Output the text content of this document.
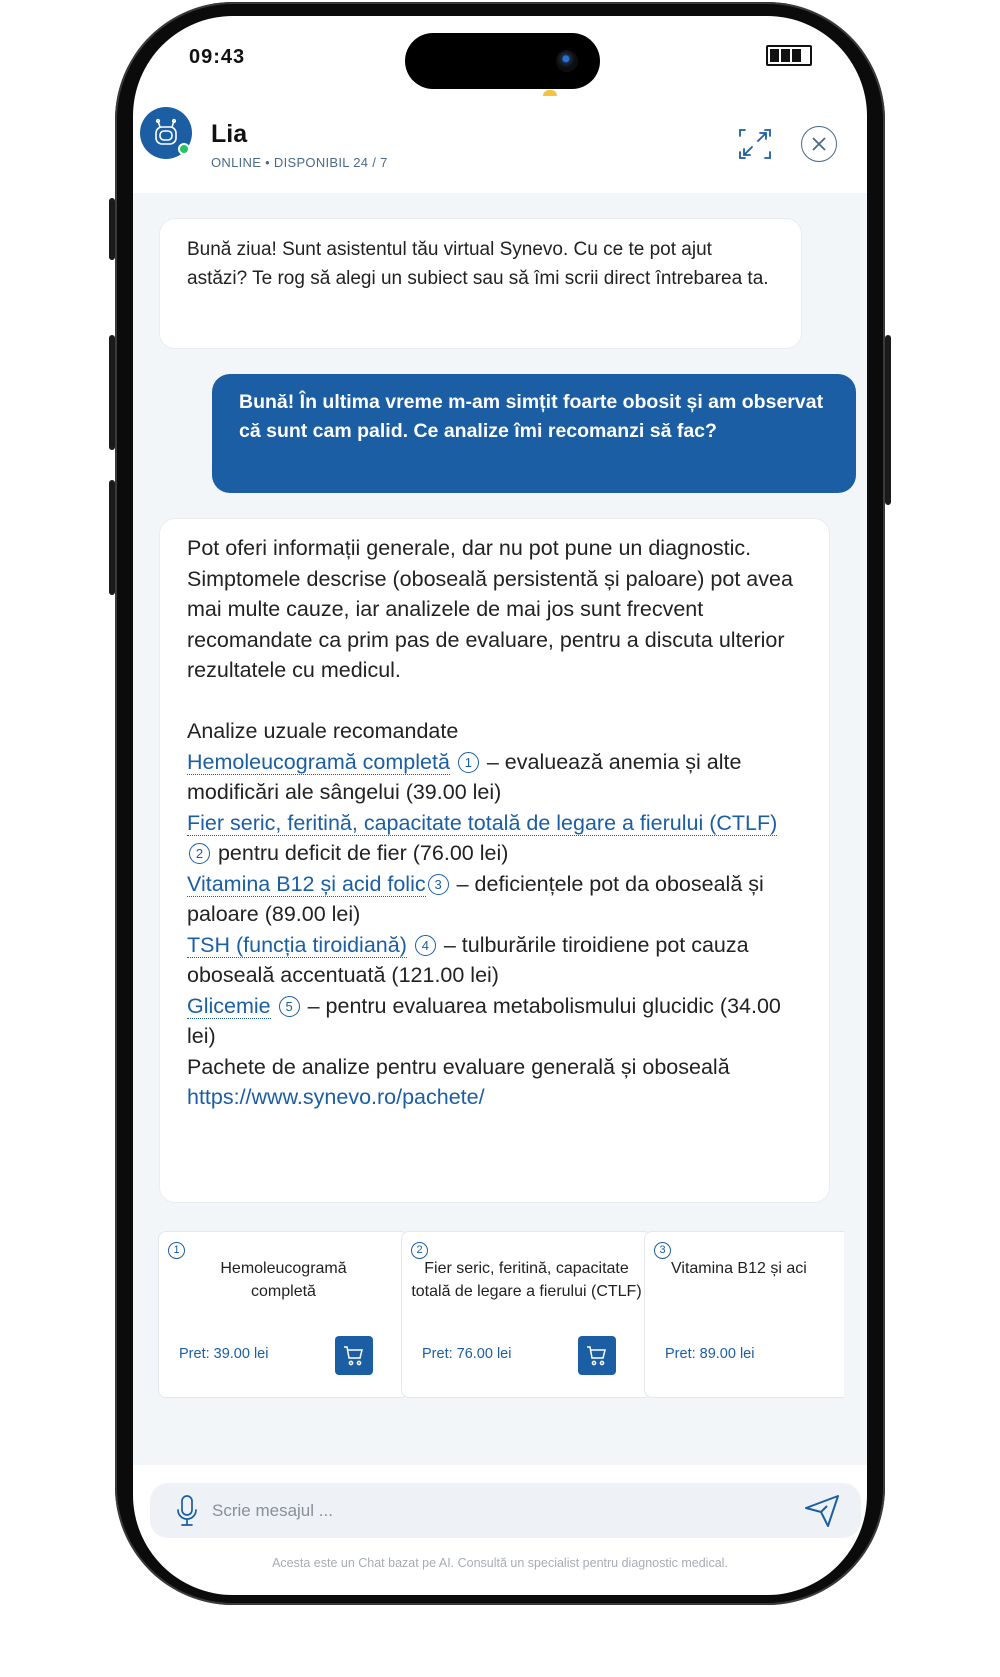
09:43
Lia
ONLINE • DISPONIBIL 24 / 7
Bună ziua! Sunt asistentul tău virtual Synevo. Cu ce te pot ajut astăzi? Te rog să alegi un subiect sau să îmi scrii direct întrebarea ta.
Bună! În ultima vreme m-am simțit foarte obosit și am observat că sunt cam palid. Ce analize îmi recomanzi să fac?
Pot oferi informații generale, dar nu pot pune un diagnostic.
Simptomele descrise (oboseală persistentă și paloare) pot avea mai multe cauze, iar analizele de mai jos sunt frecvent recomandate ca prim pas de evaluare, pentru a discuta ulterior rezultatele cu medicul.
Analize uzuale recomandate
Hemoleucogramă completă 1 – evaluează anemia și alte modificări ale sângelui (39.00 lei)
Fier seric, feritină, capacitate totală de legare a fierului (CTLF)
2 pentru deficit de fier (76.00 lei)
Vitamina B12 și acid folic 3 – deficiențele pot da oboseală și paloare (89.00 lei)
TSH (funcția tiroidiană) 4 – tulburările tiroidiene pot cauza oboseală accentuată (121.00 lei)
Glicemie 5 – pentru evaluarea metabolismului glucidic (34.00 lei)
Pachete de analize pentru evaluare generală și oboseală
https://www.synevo.ro/pachete/
1
Hemoleucogramă completă
Pret: 39.00 lei
2
Fier seric, feritină, capacitate totală de legare a fierului (CTLF)
Pret: 76.00 lei
3
Vitamina B12 și aci
Pret: 89.00 lei
Scrie mesajul ...
Acesta este un Chat bazat pe AI. Consultă un specialist pentru diagnostic medical.
